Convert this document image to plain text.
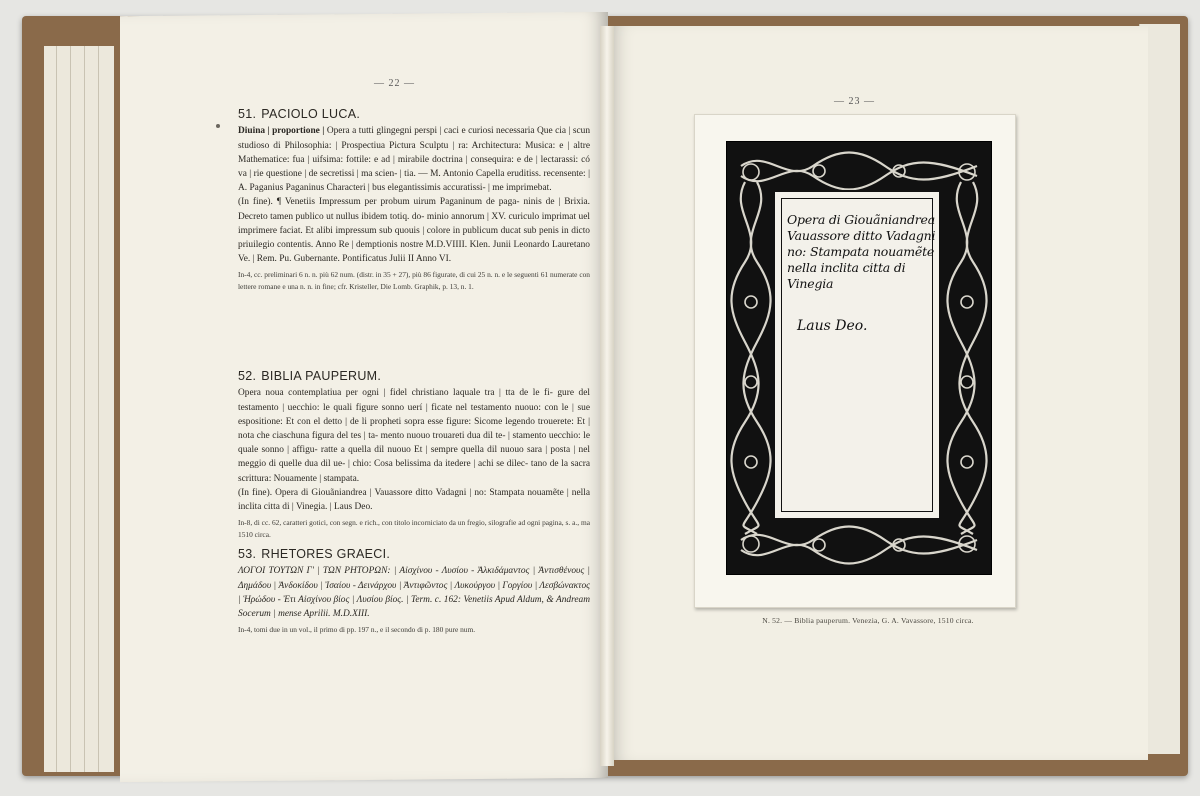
— 22 —
51. PACIOLO LUCA.
Diuina | proportione | Opera a tutti glingegni perspi | caci e curiosi necessaria Que cia | scun studioso di Philosophia: | Prospectiua Pictura Sculptu | ra: Architectura: Musica: e | altre Mathematice: fua | uifsima: fottile: e ad | mirabile doctrina | consequira: e de | lectarassi: có va | rie questione | de secretissi | ma scien- | tia. — M. Antonio Capella eruditiss. recensente: | A. Paganius Paganinus Characteri | bus elegantissimis accuratissi- | me imprimebat.
(In fine). ¶ Venetiis Impressum per probum uirum Paganinum de paga- ninis de | Brixia. Decreto tamen publico ut nullus ibidem totiq. do- minio annorum | XV. curiculo imprimat uel imprimere faciat. Et alibi impressum sub quouis | colore in publicum ducat sub penis in dicto priuilegio contentis. Anno Re | demptionis nostre M.D.VIIII. Klen. Junii Leonardo Lauretano Ve. | Rem. Pu. Gubernante. Pontificatus Julii II Anno VI.
In-4, cc. preliminari 6 n. n. più 62 num. (distr. in 35 + 27), più 86 figurate, di cui 25 n. n. e le seguenti 61 numerate con lettere romane e una n. n. in fine; cfr. Kristeller, Die Lomb. Graphik, p. 13, n. 1.
52. BIBLIA PAUPERUM.
Opera noua contemplatiua per ogni | fidel christiano laquale tra | tta de le fi- gure del testamento | uecchio: le quali figure sonno uerí | ficate nel testamento nuouo: con le | sue espositione: Et con el detto | de li propheti sopra esse figure: Sicome legendo trouerete: Et | nota che ciaschuna figura del tes | ta- mento nuouo trouareti dua dil te- | stamento uecchio: le quale sonno | affigu- ratte a quella dil nuouo Et | sempre quella dil nuouo sara | posta | nel meggio di quelle dua dil ue- | chio: Cosa belissima da itedere | achi se dilec- tano de la sacra scrittura: Nouamente | stampata.
(In fine). Opera di Giouãniandrea | Vauassore ditto Vadagni | no: Stampata nouamẽte | nella inclita citta di | Vinegia. | Laus Deo.
In-8, di cc. 62, caratteri gotici, con segn. e rich., con titolo incorniciato da un fregio, silografie ad ogni pagina, s. a., ma 1510 circa.
53. RHETORES GRAECI.
ΛΟΓΟΙ ΤΟΥΤΩΝ Γ' | ΤΩΝ ΡΗΤΟΡΩΝ: | Αἰσχίνου - Λυσίου - Ἀλκιδάμαντος | Ἀντισθένους | Δημάδου | Ἀνδοκίδου | Ἰσαίου - Δεινάρχου | Ἀντιφῶντος | Λυκούργου | Γοργίου | Λεσβώνακτος | Ἡρώδου - Ἐτι Αἰσχίνου βίος | Λυσίου βίος. | Term. c. 162: Venetiis Apud Aldum, & Andream Socerum | mense Aprilii. M.D.XIII.
In-4, tomi due in un vol., il primo di pp. 197 n., e il secondo di p. 180 pure num.
— 23 —
Opera di Giouãniandrea
Vauassore ditto Vadagni
no: Stampata nouamẽte
nella inclita citta di
Vinegia
Laus Deo.
N. 52. — Biblia pauperum. Venezia, G. A. Vavassore, 1510 circa.
